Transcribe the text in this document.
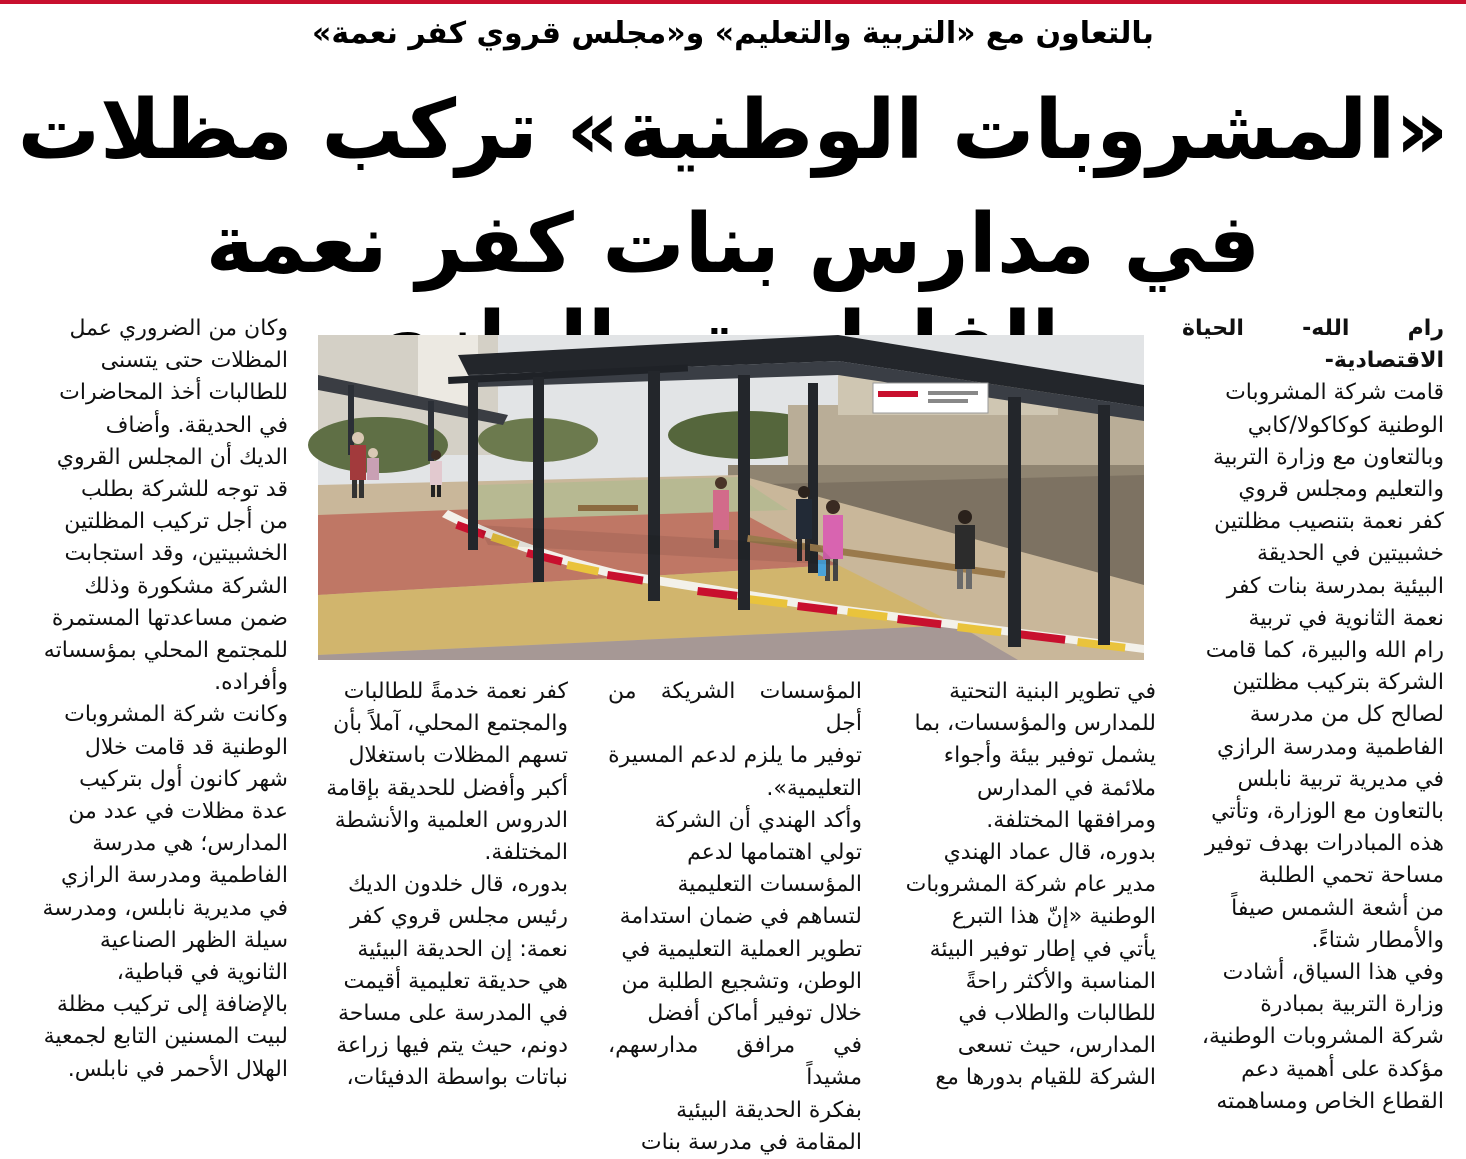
بالتعاون مع «التربية والتعليم» و«مجلس قروي كفر نعمة»
«المشروبات الوطنية» تركب مظلات
في مدارس بنات كفر نعمة

رام الله- الحياة الاقتصادية-

قامت شركة المشروبات
الوطنية كوكاكولا/كابي
وبالتعاون مع وزارة التربية
والتعليم ومجلس قروي
كفر نعمة بتنصيب مظلتين
خشبيتين في الحديقة
البيئية بمدرسة بنات كفر
نعمة الثانوية في تربية
رام الله والبيرة، كما قامت
الشركة بتركيب مظلتين
لصالح كل من مدرسة
الفاطمية ومدرسة الرازي
في مديرية تربية نابلس
بالتعاون مع الوزارة، وتأتي
هذه المبادرات بهدف توفير
مساحة تحمي الطلبة
من أشعة الشمس صيفاً
والأمطار شتاءً.
وفي هذا السياق، أشادت
وزارة التربية بمبادرة
شركة المشروبات الوطنية،
مؤكدة على أهمية دعم
القطاع الخاص ومساهمته

في تطوير البنية التحتية
للمدارس والمؤسسات، بما
يشمل توفير بيئة وأجواء
ملائمة في المدارس
ومرافقها المختلفة.
بدوره، قال عماد الهندي
مدير عام شركة المشروبات
الوطنية «إنّ هذا التبرع
يأتي في إطار توفير البيئة
المناسبة والأكثر راحةً
للطالبات والطلاب في
المدارس، حيث تسعى
الشركة للقيام بدورها مع

المؤسسات الشريكة من أجل
توفير ما يلزم لدعم المسيرة
التعليمية».
وأكد الهندي أن الشركة
تولي اهتمامها لدعم
المؤسسات التعليمية
لتساهم في ضمان استدامة
تطوير العملية التعليمية في
الوطن، وتشجيع الطلبة من
خلال توفير أماكن أفضل
في مرافق مدارسهم، مشيداً
بفكرة الحديقة البيئية
المقامة في مدرسة بنات

كفر نعمة خدمةً للطالبات
والمجتمع المحلي، آملاً بأن
تسهم المظلات باستغلال
أكبر وأفضل للحديقة بإقامة
الدروس العلمية والأنشطة
المختلفة.
بدوره، قال خلدون الديك
رئيس مجلس قروي كفر
نعمة: إن الحديقة البيئية
هي حديقة تعليمية أقيمت
في المدرسة على مساحة
دونم، حيث يتم فيها زراعة
نباتات بواسطة الدفيئات،

وكان من الضروري عمل
المظلات حتى يتسنى
للطالبات أخذ المحاضرات
في الحديقة. وأضاف
الديك أن المجلس القروي
قد توجه للشركة بطلب
من أجل تركيب المظلتين
الخشبيتين، وقد استجابت
الشركة مشكورة وذلك
ضمن مساعدتها المستمرة
للمجتمع المحلي بمؤسساته
وأفراده.
وكانت شركة المشروبات
الوطنية قد قامت خلال
شهر كانون أول بتركيب
عدة مظلات في عدد من
المدارس؛ هي مدرسة
الفاطمية ومدرسة الرازي
في مديرية نابلس، ومدرسة
سيلة الظهر الصناعية
الثانوية في قباطية،
بالإضافة إلى تركيب مظلة
لبيت المسنين التابع لجمعية
الهلال الأحمر في نابلس.
